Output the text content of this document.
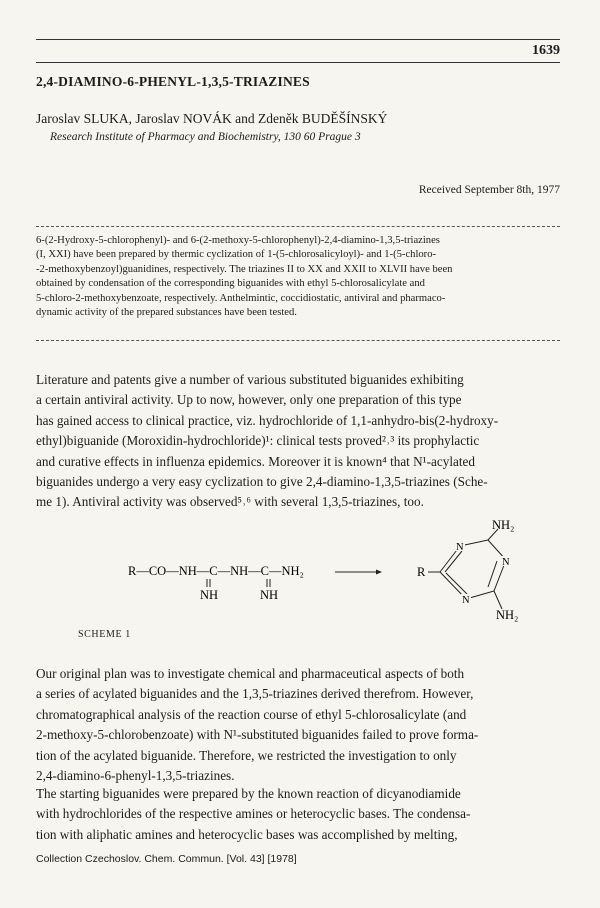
1639
2,4-DIAMINO-6-PHENYL-1,3,5-TRIAZINES
Jaroslav SLUKA, Jaroslav NOVÁK and Zdeněk BUDĚŠÍNSKÝ
Research Institute of Pharmacy and Biochemistry, 130 60 Prague 3
Received September 8th, 1977
6-(2-Hydroxy-5-chlorophenyl)- and 6-(2-methoxy-5-chlorophenyl)-2,4-diamino-1,3,5-triazines
(I, XXI) have been prepared by thermic cyclization of 1-(5-chlorosalicyloyl)- and 1-(5-chloro-
-2-methoxybenzoyl)guanidines, respectively. The triazines II to XX and XXII to XLVII have been
obtained by condensation of the corresponding biguanides with ethyl 5-chlorosalicylate and
5-chloro-2-methoxybenzoate, respectively. Anthelmintic, coccidiostatic, antiviral and pharmaco-
dynamic activity of the prepared substances have been tested.
Literature and patents give a number of various substituted biguanides exhibiting
a certain antiviral activity. Up to now, however, only one preparation of this type
has gained access to clinical practice, viz. hydrochloride of 1,1-anhydro-bis(2-hydroxy-
ethyl)biguanide (Moroxidin-hydrochloride)¹: clinical tests proved²˒³ its prophylactic
and curative effects in influenza epidemics. Moreover it is known⁴ that N¹-acylated
biguanides undergo a very easy cyclization to give 2,4-diamino-1,3,5-triazines (Sche-
me 1). Antiviral activity was observed⁵˒⁶ with several 1,3,5-triazines, too.
R—CO—NH—C—NH—C—NH₂
NH	NH
R
N
N
N
NH₂
NH₂
SCHEME 1
Our original plan was to investigate chemical and pharmaceutical aspects of both
a series of acylated biguanides and the 1,3,5-triazines derived therefrom. However,
chromatographical analysis of the reaction course of ethyl 5-chlorosalicylate (and
2-methoxy-5-chlorobenzoate) with N¹-substituted biguanides failed to prove forma-
tion of the acylated biguanide. Therefore, we restricted the investigation to only
2,4-diamino-6-phenyl-1,3,5-triazines.
The starting biguanides were prepared by the known reaction of dicyanodiamide
with hydrochlorides of the respective amines or heterocyclic bases. The condensa-
tion with aliphatic amines and heterocyclic bases was accomplished by melting,
Collection Czechoslov. Chem. Commun. [Vol. 43] [1978]
